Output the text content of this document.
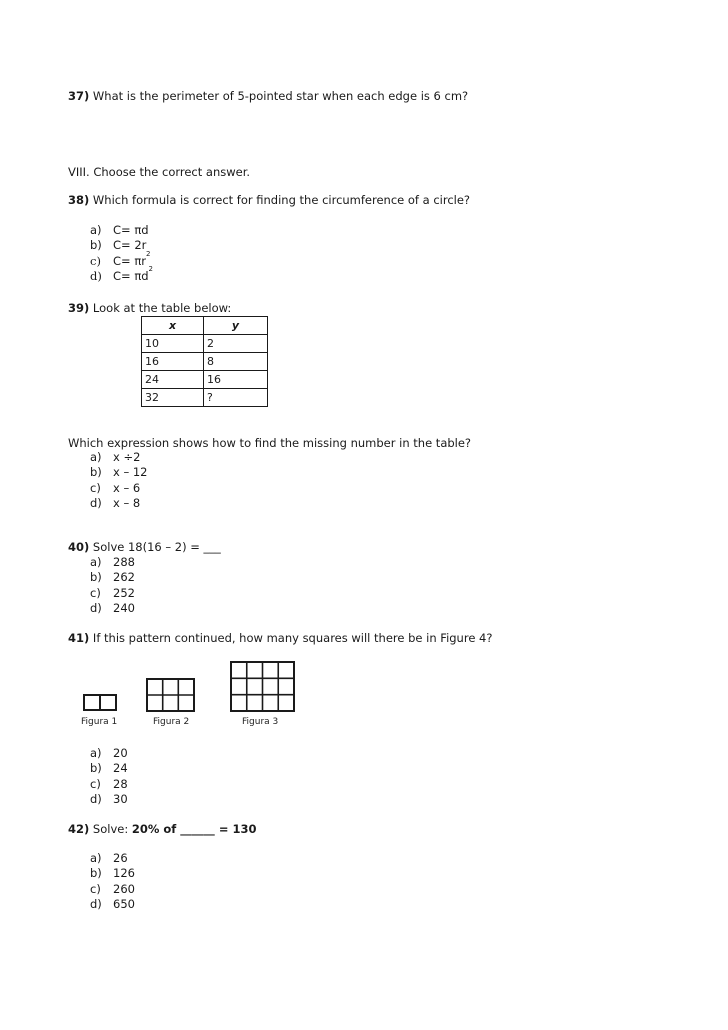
37) What is the perimeter of 5-pointed star when each edge is 6 cm?
VIII. Choose the correct answer.
38) Which formula is correct for finding the circumference of a circle?
a) C= πd
b) C= 2r
c)	C= πr 2
d) C= πd 2
39) Look at the table below:
x	y
10	2
16	8
24	16
32	?
Which expression shows how to find the missing number in the table?
a) x ÷2
b) x – 12
c)	x – 6
d) x – 8
40) Solve 18(16 – 2) = ___
a) 288
b) 262
c)	252
d) 240
41) If this pattern continued, how many squares will there be in Figure 4?
Figura 1	Figura 2	Figura 3
a) 20
b) 24
c)	28
d) 30
42) Solve: 20% of ______ = 130
a) 26
b) 126
c)	260
d) 650
